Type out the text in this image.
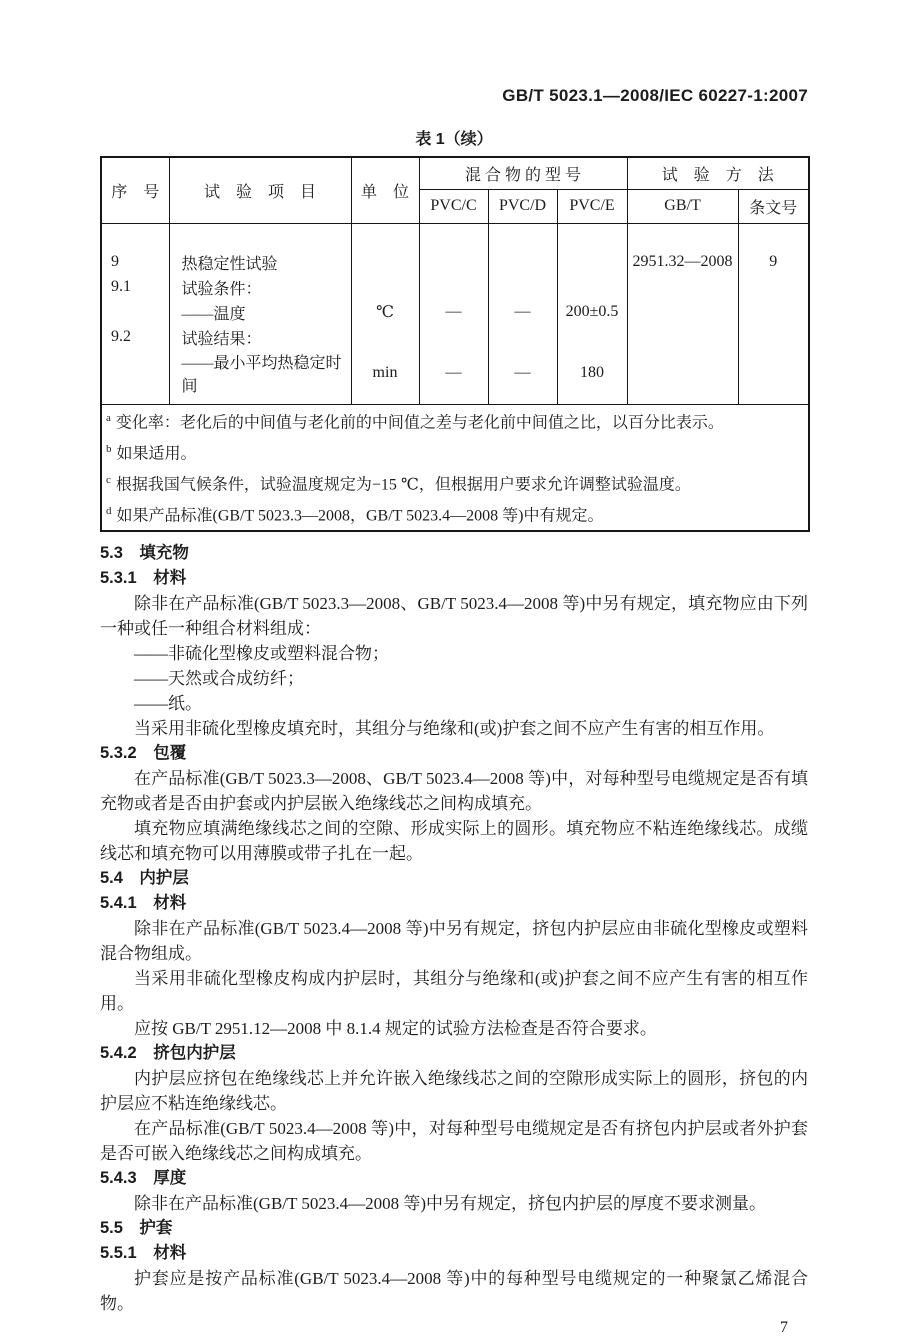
GB/T 5023.1—2008/IEC 60227-1:2007
表 1（续）
序　号	试　验　项　目	单　位	混 合 物 的 型 号			试　验　方　法	
			PVC/C	PVC/D	PVC/E	GB/T	条文号
9	热稳定性试验					2951.32—2008	9
9.1	试验条件：						
	——温度	℃	—	—	200±0.5		
9.2	试验结果：						
	——最小平均热稳定时间	min	—	—	180		

$^a$ 变化率：老化后的中间值与老化前的中间值之差与老化前中间值之比，以百分比表示。
$^b$ 如果适用。
$^c$ 根据我国气候条件，试验温度规定为−15 ℃，但根据用户要求允许调整试验温度。
$^d$ 如果产品标准(GB/T 5023.3—2008，GB/T 5023.4—2008 等)中有规定。							
5.3　填充物
5.3.1　材料
除非在产品标准(GB/T 5023.3—2008、GB/T 5023.4—2008 等)中另有规定，填充物应由下列一种或任一种组合材料组成：
——非硫化型橡皮或塑料混合物；
——天然或合成纺纤；
——纸。
当采用非硫化型橡皮填充时，其组分与绝缘和(或)护套之间不应产生有害的相互作用。
5.3.2　包覆
在产品标准(GB/T 5023.3—2008、GB/T 5023.4—2008 等)中，对每种型号电缆规定是否有填充物或者是否由护套或内护层嵌入绝缘线芯之间构成填充。
填充物应填满绝缘线芯之间的空隙、形成实际上的圆形。填充物应不粘连绝缘线芯。成缆线芯和填充物可以用薄膜或带子扎在一起。
5.4　内护层
5.4.1　材料
除非在产品标准(GB/T 5023.4—2008 等)中另有规定，挤包内护层应由非硫化型橡皮或塑料混合物组成。
当采用非硫化型橡皮构成内护层时，其组分与绝缘和(或)护套之间不应产生有害的相互作用。
应按 GB/T 2951.12—2008 中 8.1.4 规定的试验方法检查是否符合要求。
5.4.2　挤包内护层
内护层应挤包在绝缘线芯上并允许嵌入绝缘线芯之间的空隙形成实际上的圆形，挤包的内护层应不粘连绝缘线芯。
在产品标准(GB/T 5023.4—2008 等)中，对每种型号电缆规定是否有挤包内护层或者外护套是否可嵌入绝缘线芯之间构成填充。
5.4.3　厚度
除非在产品标准(GB/T 5023.4—2008 等)中另有规定，挤包内护层的厚度不要求测量。
5.5　护套
5.5.1　材料
护套应是按产品标准(GB/T 5023.4—2008 等)中的每种型号电缆规定的一种聚氯乙烯混合物。
7
